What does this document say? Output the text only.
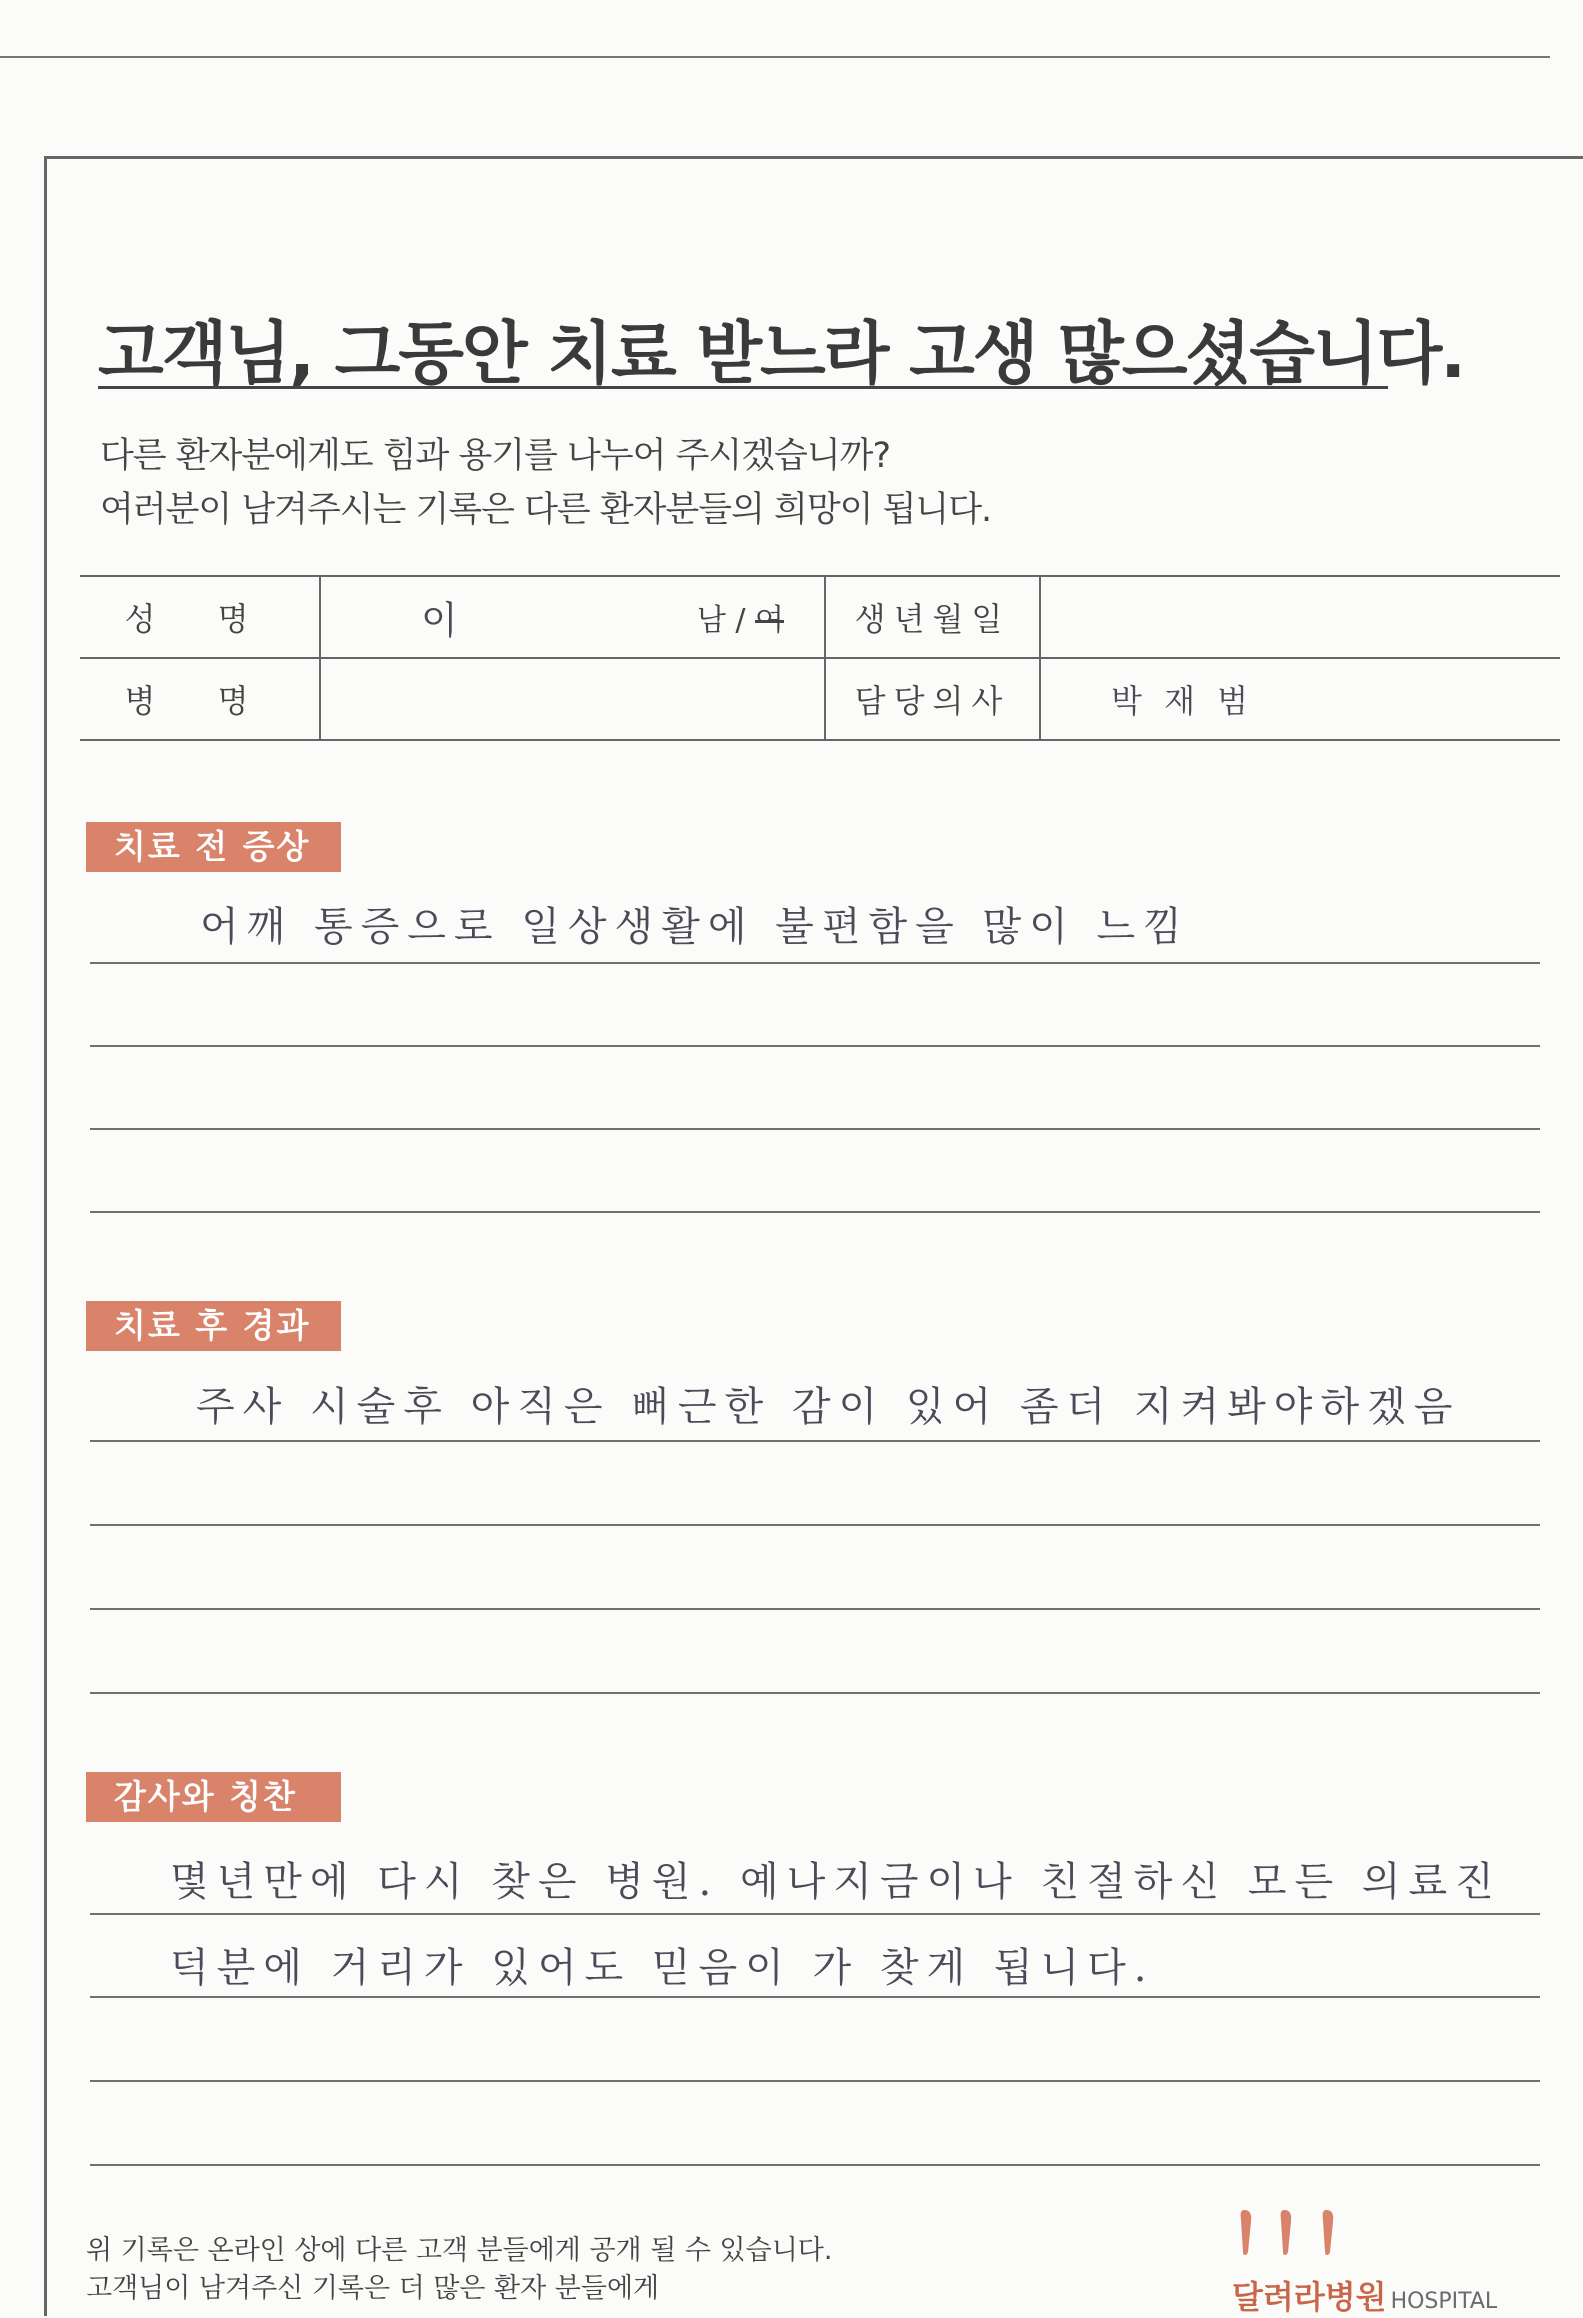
고객님, 그동안 치료 받느라 고생 많으셨습니다.
다른 환자분에게도 힘과 용기를 나누어 주시겠습니까?
여러분이 남겨주시는 기록은 다른 환자분들의 희망이 됩니다.
성 명	이 남 / 여	생년월일	
병 명		담당의사	박 재 범
치료 전 증상
어깨 통증으로 일상생활에 불편함을 많이 느낌
치료 후 경과
주사 시술후 아직은 뻐근한 감이 있어 좀더 지켜봐야하겠음
감사와 칭찬
몇년만에 다시 찾은 병원. 예나지금이나 친절하신 모든 의료진
덕분에 거리가 있어도 믿음이 가 찾게 됩니다.
위 기록은 온라인 상에 다른 고객 분들에게 공개 될 수 있습니다.
고객님이 남겨주신 기록은 더 많은 환자 분들에게	달려라병원 HOSPITAL
